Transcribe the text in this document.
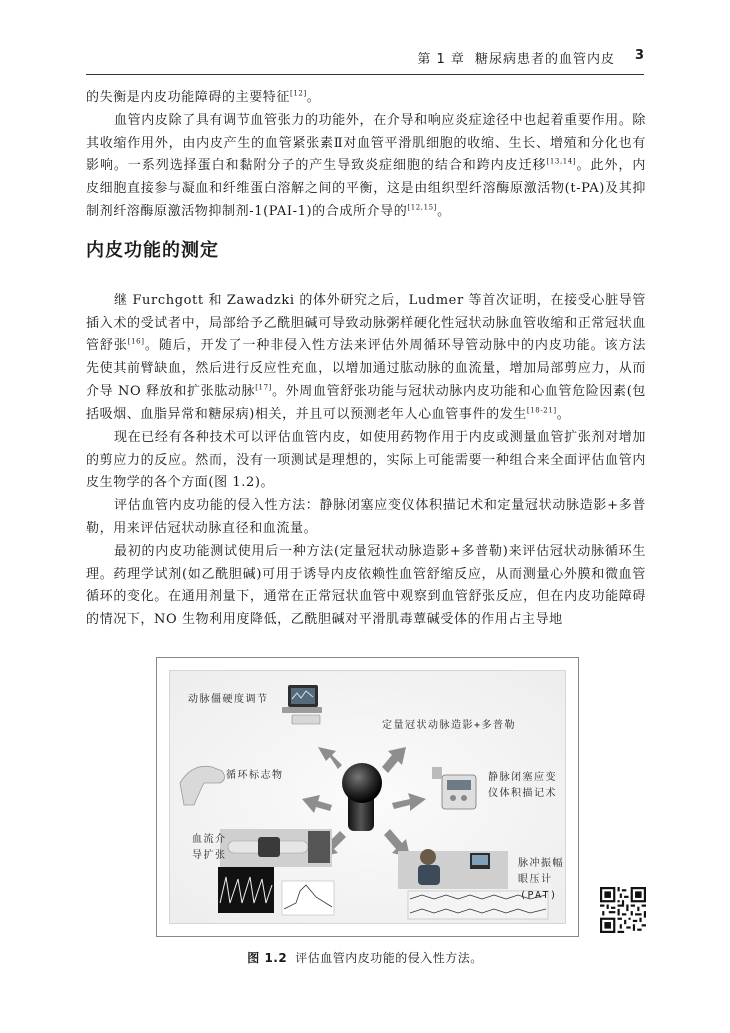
第 1 章 糖尿病患者的血管内皮 3
的失衡是内皮功能障碍的主要特征[12]。
血管内皮除了具有调节血管张力的功能外，在介导和响应炎症途径中也起着重要作用。除其收缩作用外，由内皮产生的血管紧张素Ⅱ对血管平滑肌细胞的收缩、生长、增殖和分化也有影响。一系列选择蛋白和黏附分子的产生导致炎症细胞的结合和跨内皮迁移[13,14]。此外，内皮细胞直接参与凝血和纤维蛋白溶解之间的平衡，这是由组织型纤溶酶原激活物(t-PA)及其抑制剂纤溶酶原激活物抑制剂-1(PAI-1)的合成所介导的[12,15]。
内皮功能的测定
继 Furchgott 和 Zawadzki 的体外研究之后，Ludmer 等首次证明，在接受心脏导管插入术的受试者中，局部给予乙酰胆碱可导致动脉粥样硬化性冠状动脉血管收缩和正常冠状血管舒张[16]。随后，开发了一种非侵入性方法来评估外周循环导管动脉中的内皮功能。该方法先使其前臂缺血，然后进行反应性充血，以增加通过肱动脉的血流量，增加局部剪应力，从而介导 NO 释放和扩张肱动脉[17]。外周血管舒张功能与冠状动脉内皮功能和心血管危险因素(包括吸烟、血脂异常和糖尿病)相关，并且可以预测老年人心血管事件的发生[18-21]。
现在已经有各种技术可以评估血管内皮，如使用药物作用于内皮或测量血管扩张剂对增加的剪应力的反应。然而，没有一项测试是理想的，实际上可能需要一种组合来全面评估血管内皮生物学的各个方面(图 1.2)。
评估血管内皮功能的侵入性方法：静脉闭塞应变仪体积描记术和定量冠状动脉造影+多普勒，用来评估冠状动脉直径和血流量。
最初的内皮功能测试使用后一种方法(定量冠状动脉造影+多普勒)来评估冠状动脉循环生理。药理学试剂(如乙酰胆碱)可用于诱导内皮依赖性血管舒缩反应，从而测量心外膜和微血管循环的变化。在通用剂量下，通常在正常冠状血管中观察到血管舒张反应，但在内皮功能障碍的情况下，NO 生物利用度降低，乙酰胆碱对平滑肌毒蕈碱受体的作用占主导地
动脉僵硬度调节
定量冠状动脉造影+多普勒
循环标志物	静脉闭塞应变
仪体积描记术
血流介
导扩张
脉冲振幅
眼压计
(PAT)
图 1.2 评估血管内皮功能的侵入性方法。
